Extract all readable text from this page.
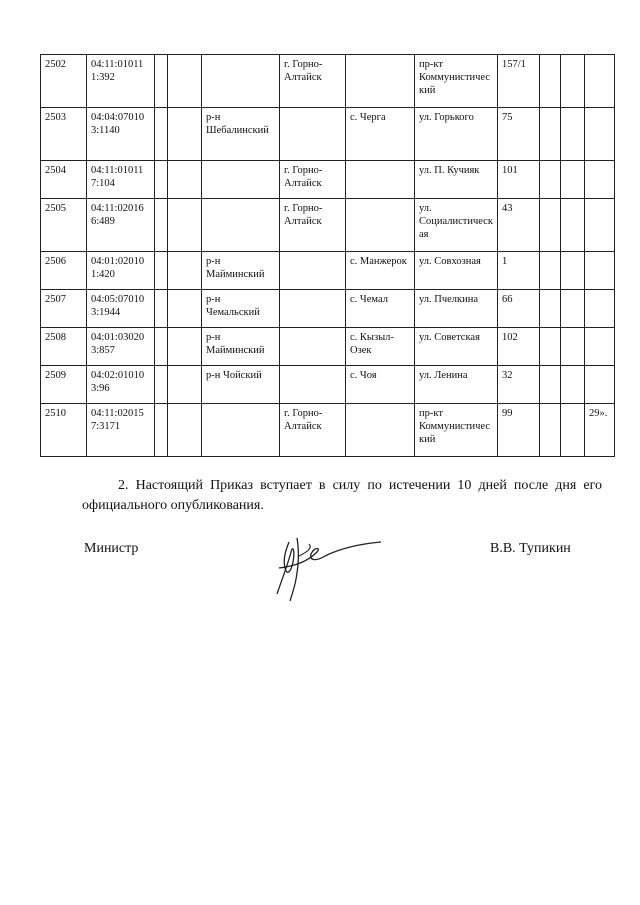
2502	04:11:01011 1:392				г. Горно-Алтайск		пр-кт Коммунистический	157/1			
2503	04:04:07010 3:1140			р-н Шебалинский		с. Черга	ул. Горького	75			
2504	04:11:01011 7:104				г. Горно-Алтайск		ул. П. Кучияк	101			
2505	04:11:02016 6:489				г. Горно-Алтайск		ул. Социалистическая	43			
2506	04:01:02010 1:420			р-н Майминский		с. Манжерок	ул. Совхозная	1			
2507	04:05:07010 3:1944			р-н Чемальский		с. Чемал	ул. Пчелкина	66			
2508	04:01:03020 3:857			р-н Майминский		с. Кызыл-Озек	ул. Советская	102			
2509	04:02:01010 3:96			р-н Чойский		с. Чоя	ул. Ленина	32			
2510	04:11:02015 7:3171				г. Горно-Алтайск		пр-кт Коммунистический	99			29».
2. Настоящий Приказ вступает в силу по истечении 10 дней после дня его официального опубликования.
Министр	В.В. Тупикин
